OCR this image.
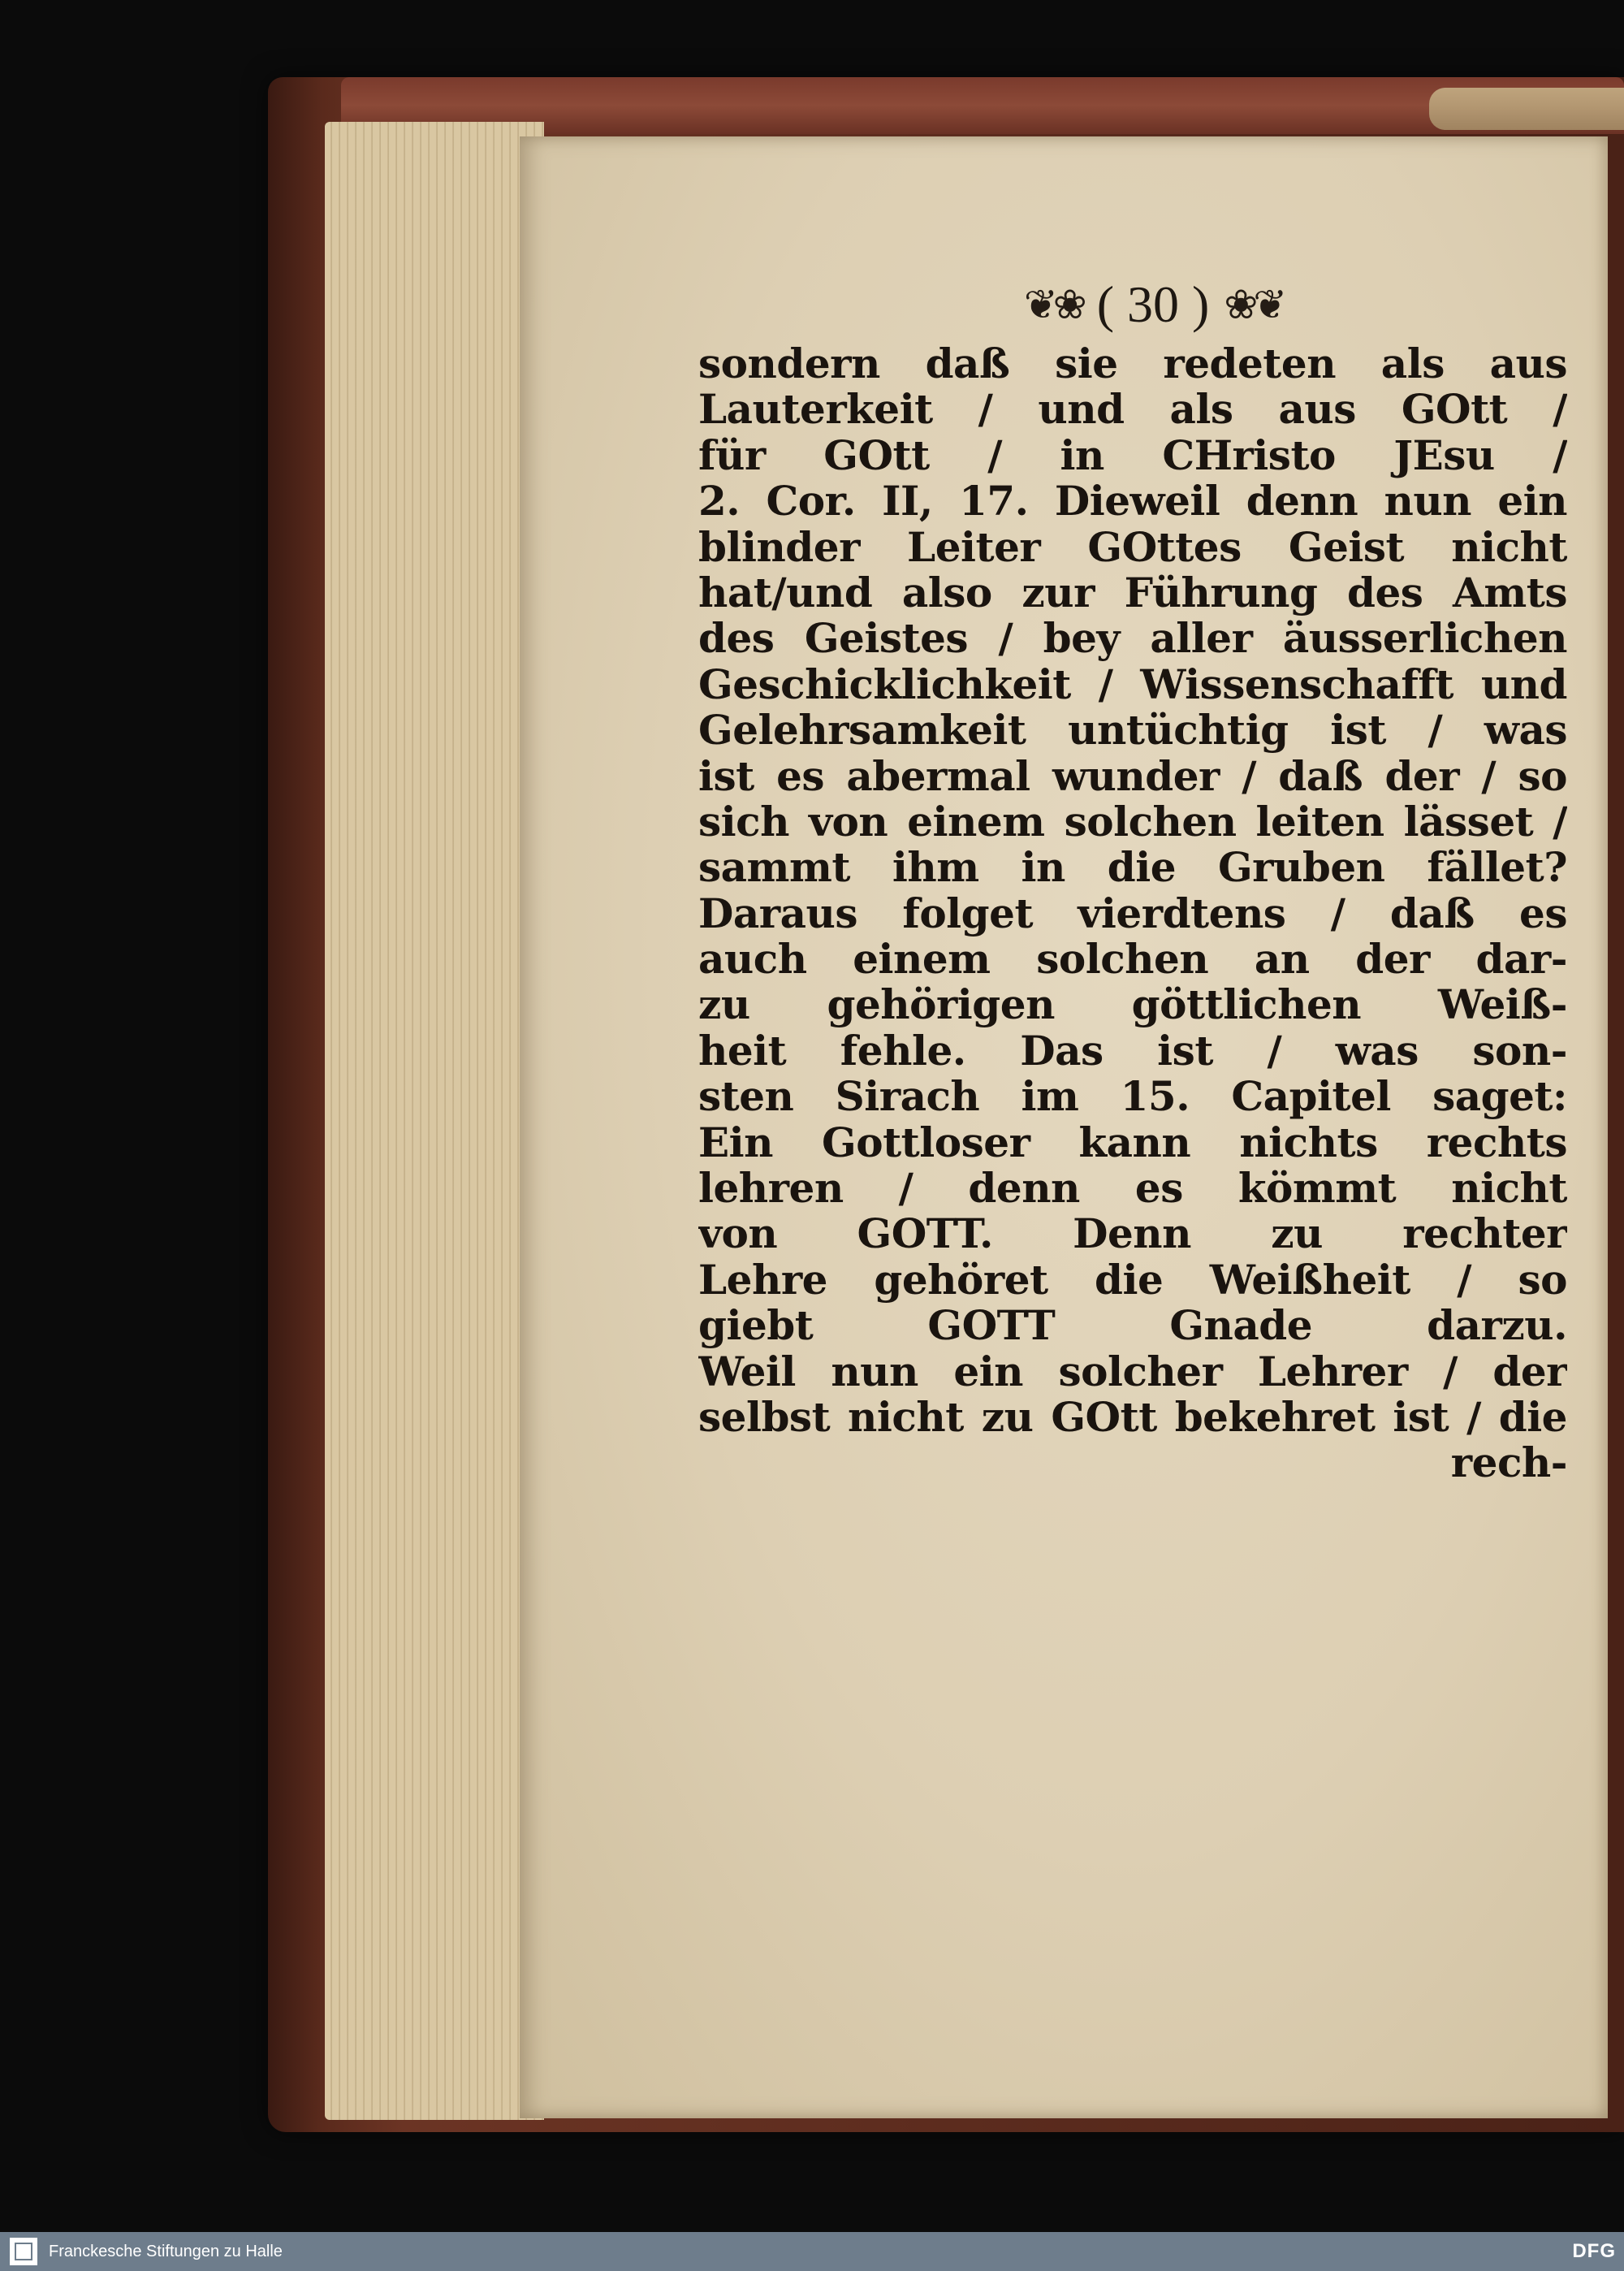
❦❀ ( 30 ) ❀❦
sondern daß sie redeten als aus
Lauterkeit / und als aus GOtt /
für GOtt / in CHristo JEsu /
2. Cor. II, 17. Dieweil denn nun ein
blinder Leiter GOttes Geist nicht
hat/und also zur Führung des Amts
des Geistes / bey aller äusserlichen
Geschicklichkeit / Wissenschafft und
Gelehrsamkeit untüchtig ist / was
ist es abermal wunder / daß der / so
sich von einem solchen leiten lässet /
sammt ihm in die Gruben fället?
Daraus folget vierdtens / daß es
auch einem solchen an der dar-
zu gehörigen göttlichen Weiß-
heit fehle. Das ist / was son-
sten Sirach im 15. Capitel saget:
Ein Gottloser kann nichts rechts
lehren / denn es kömmt nicht
von GOTT. Denn zu rechter
Lehre gehöret die Weißheit / so
giebt GOTT Gnade darzu.
Weil nun ein solcher Lehrer / der
selbst nicht zu GOtt bekehret ist / die
rech-
Franckesche Stiftungen zu Halle	DFG
